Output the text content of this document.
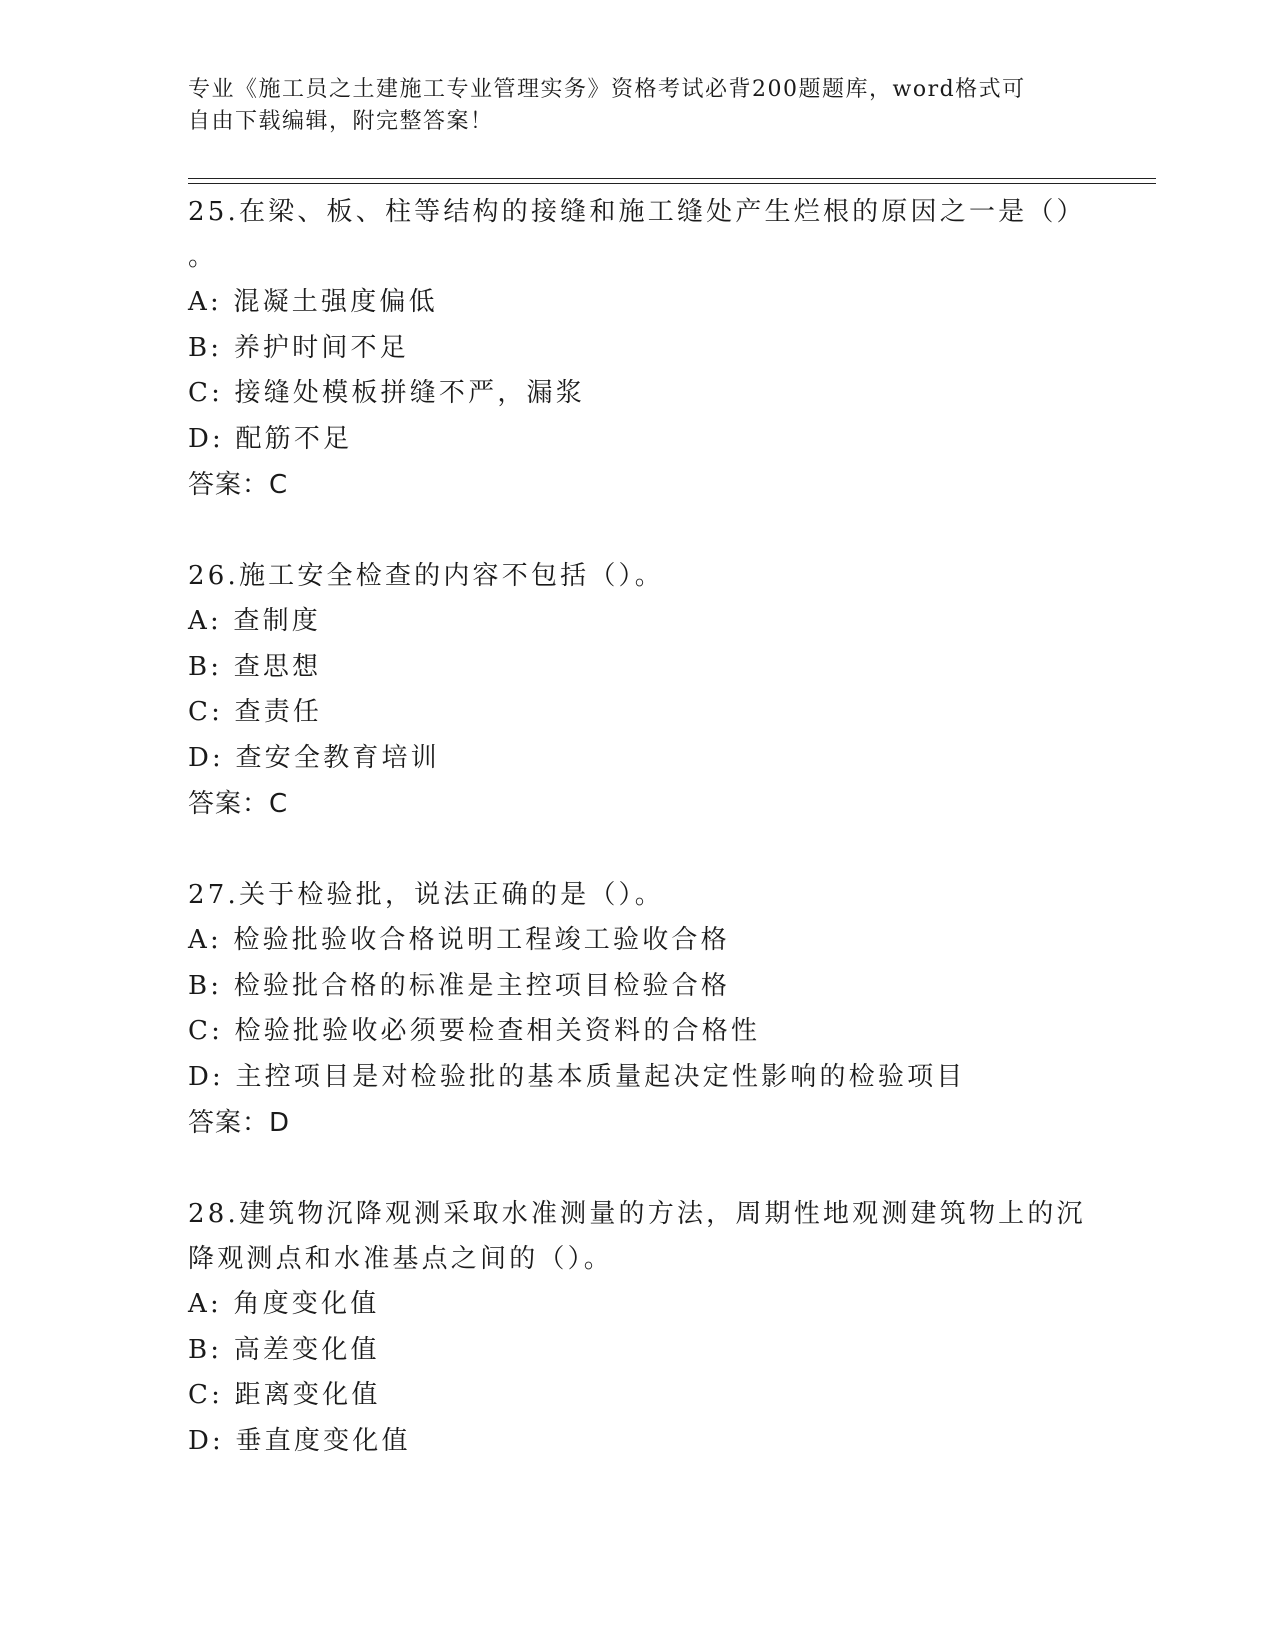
专业《施工员之土建施工专业管理实务》资格考试必背200题题库，word格式可
自由下载编辑，附完整答案！
25.在梁、板、柱等结构的接缝和施工缝处产生烂根的原因之一是（）
。
A: 混凝土强度偏低
B: 养护时间不足
C: 接缝处模板拼缝不严，漏浆
D: 配筋不足
答案：C
26.施工安全检查的内容不包括（）。
A: 查制度
B: 查思想
C: 查责任
D: 查安全教育培训
答案：C
27.关于检验批，说法正确的是（）。
A: 检验批验收合格说明工程竣工验收合格
B: 检验批合格的标准是主控项目检验合格
C: 检验批验收必须要检查相关资料的合格性
D: 主控项目是对检验批的基本质量起决定性影响的检验项目
答案：D
28.建筑物沉降观测采取水准测量的方法，周期性地观测建筑物上的沉
降观测点和水准基点之间的（）。
A: 角度变化值
B: 高差变化值
C: 距离变化值
D: 垂直度变化值
